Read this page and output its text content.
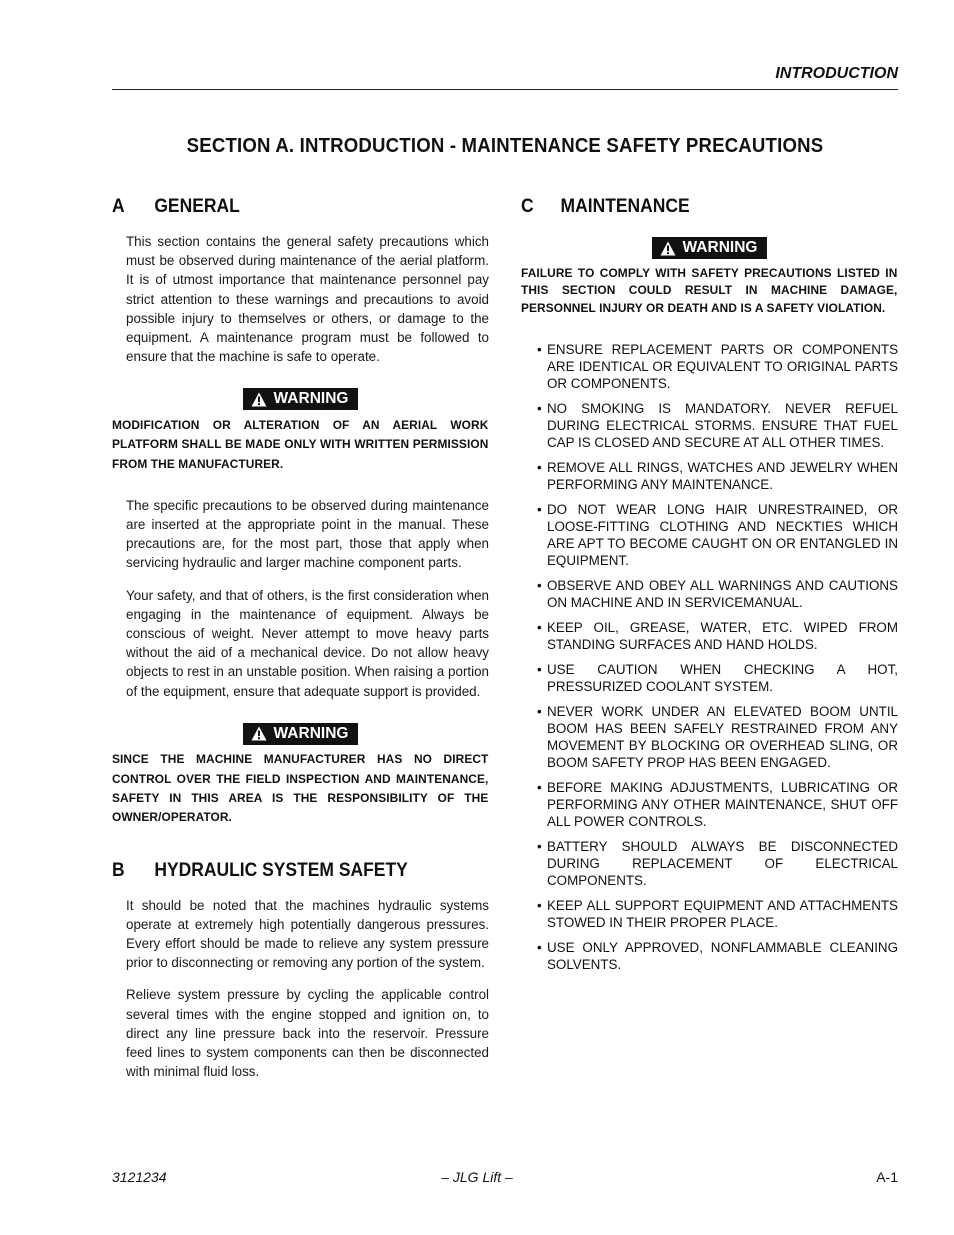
INTRODUCTION
SECTION A. INTRODUCTION - MAINTENANCE SAFETY PRECAUTIONS
A	GENERAL

This section contains the general safety precautions which must be observed during maintenance of the aerial platform. It is of utmost importance that maintenance personnel pay strict attention to these warnings and precautions to avoid possible injury to themselves or others, or damage to the equipment. A maintenance program must be followed to ensure that the machine is safe to operate.

WARNING

MODIFICATION OR ALTERATION OF AN AERIAL WORK PLATFORM SHALL BE MADE ONLY WITH WRITTEN PERMISSION FROM THE MANUFACTURER.

The specific precautions to be observed during maintenance are inserted at the appropriate point in the manual. These precautions are, for the most part, those that apply when servicing hydraulic and larger machine component parts.

Your safety, and that of others, is the first consideration when engaging in the maintenance of equipment. Always be conscious of weight. Never attempt to move heavy parts without the aid of a mechanical device. Do not allow heavy objects to rest in an unstable position. When raising a portion of the equipment, ensure that adequate support is provided.

WARNING

SINCE THE MACHINE MANUFACTURER HAS NO DIRECT CONTROL OVER THE FIELD INSPECTION AND MAINTENANCE, SAFETY IN THIS AREA IS THE RESPONSIBILITY OF THE OWNER/OPERATOR.

B	HYDRAULIC SYSTEM SAFETY

It should be noted that the machines hydraulic systems operate at extremely high potentially dangerous pressures. Every effort should be made to relieve any system pressure prior to disconnecting or removing any portion of the system.

Relieve system pressure by cycling the applicable control several times with the engine stopped and ignition on, to direct any line pressure back into the reservoir. Pressure feed lines to system components can then be disconnected with minimal fluid loss.

C	MAINTENANCE
WARNING

FAILURE TO COMPLY WITH SAFETY PRECAUTIONS LISTED IN THIS SECTION COULD RESULT IN MACHINE DAMAGE, PERSONNEL INJURY OR DEATH AND IS A SAFETY VIOLATION.

• ENSURE REPLACEMENT PARTS OR COMPONENTS ARE IDENTICAL OR EQUIVALENT TO ORIGINAL PARTS OR COMPONENTS.
• NO SMOKING IS MANDATORY. NEVER REFUEL DURING ELECTRICAL STORMS. ENSURE THAT FUEL CAP IS CLOSED AND SECURE AT ALL OTHER TIMES.
• REMOVE ALL RINGS, WATCHES AND JEWELRY WHEN PERFORMING ANY MAINTENANCE.
• DO NOT WEAR LONG HAIR UNRESTRAINED, OR LOOSE-FITTING CLOTHING AND NECKTIES WHICH ARE APT TO BECOME CAUGHT ON OR ENTANGLED IN EQUIPMENT.
• OBSERVE AND OBEY ALL WARNINGS AND CAUTIONS ON MACHINE AND IN SERVICEMANUAL.
• KEEP OIL, GREASE, WATER, ETC. WIPED FROM STANDING SURFACES AND HAND HOLDS.
• USE CAUTION WHEN CHECKING A HOT, PRESSURIZED COOLANT SYSTEM.
• NEVER WORK UNDER AN ELEVATED BOOM UNTIL BOOM HAS BEEN SAFELY RESTRAINED FROM ANY MOVEMENT BY BLOCKING OR OVERHEAD SLING, OR BOOM SAFETY PROP HAS BEEN ENGAGED.
• BEFORE MAKING ADJUSTMENTS, LUBRICATING OR PERFORMING ANY OTHER MAINTENANCE, SHUT OFF ALL POWER CONTROLS.
• BATTERY SHOULD ALWAYS BE DISCONNECTED DURING REPLACEMENT OF ELECTRICAL COMPONENTS.
• KEEP ALL SUPPORT EQUIPMENT AND ATTACHMENTS STOWED IN THEIR PROPER PLACE.
• USE ONLY APPROVED, NONFLAMMABLE CLEANING SOLVENTS.
3121234	– JLG Lift –	A-1
